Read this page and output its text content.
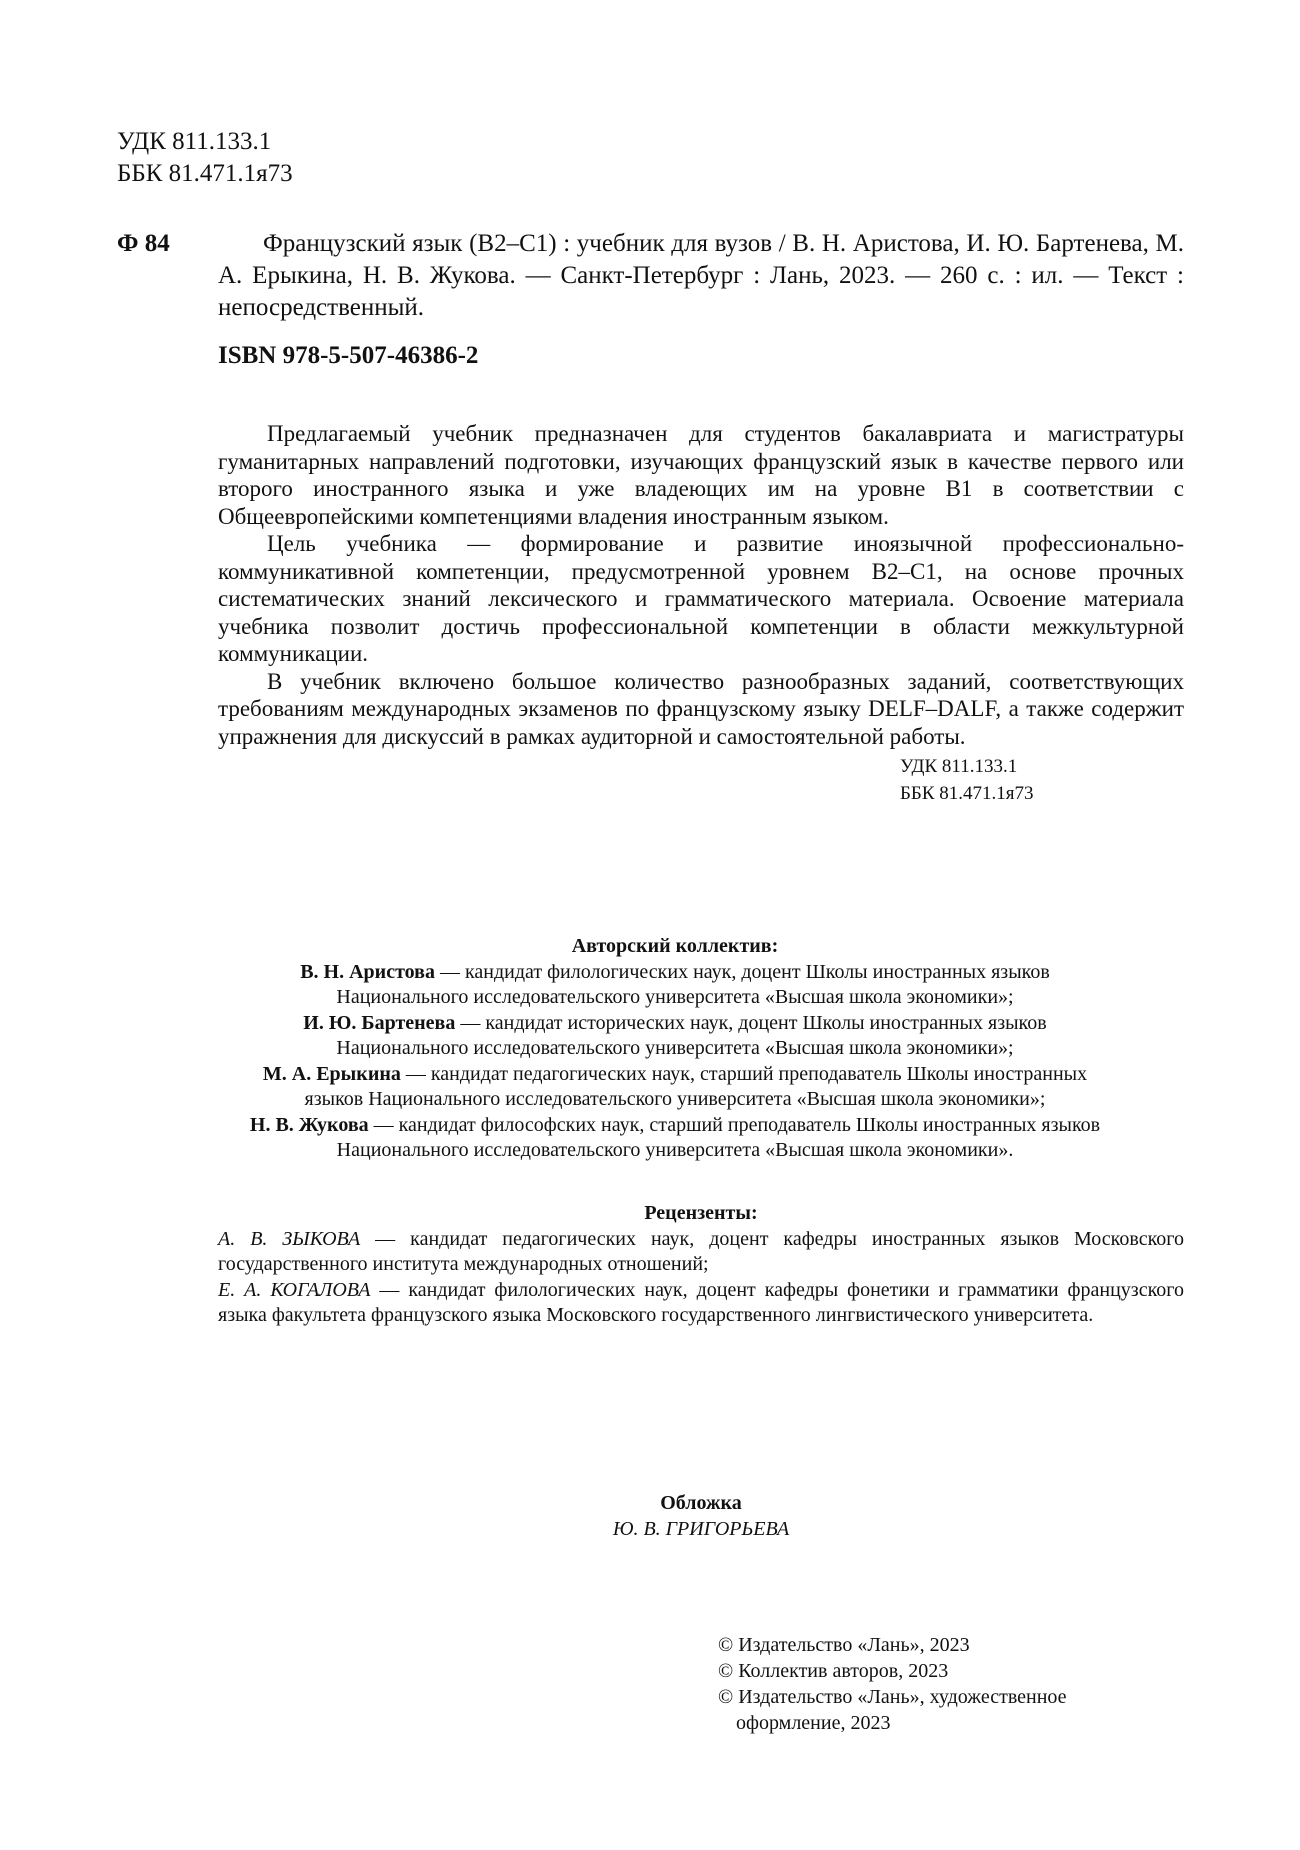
УДК 811.133.1
ББК 81.471.1я73
Ф 84	Французский язык (B2–C1) : учебник для вузов / В. Н. Аристова, И. Ю. Бартенева, М. А. Ерыкина, Н. В. Жукова. — Санкт-Петербург : Лань, 2023. — 260 с. : ил. — Текст : непосредственный.
ISBN 978-5-507-46386-2

Предлагаемый учебник предназначен для студентов бакалавриата и магистратуры гуманитарных направлений подготовки, изучающих французский язык в качестве первого или второго иностранного языка и уже владеющих им на уровне B1 в соответствии с Общеевропейскими компетенциями владения иностранным языком.

Цель учебника — формирование и развитие иноязычной профессионально-коммуникативной компетенции, предусмотренной уровнем B2–C1, на основе прочных систематических знаний лексического и грамматического материала. Освоение материала учебника позволит достичь профессиональной компетенции в области межкультурной коммуникации.

В учебник включено большое количество разнообразных заданий, соответствующих требованиям международных экзаменов по французскому языку DELF–DALF, а также содержит упражнения для дискуссий в рамках аудиторной и самостоятельной работы.

УДК 811.133.1
ББК 81.471.1я73
Авторский коллектив:
В. Н. Аристова — кандидат филологических наук, доцент Школы иностранных языков
Национального исследовательского университета «Высшая школа экономики»;
И. Ю. Бартенева — кандидат исторических наук, доцент Школы иностранных языков
Национального исследовательского университета «Высшая школа экономики»;
М. А. Ерыкина — кандидат педагогических наук, старший преподаватель Школы иностранных
языков Национального исследовательского университета «Высшая школа экономики»;
Н. В. Жукова — кандидат философских наук, старший преподаватель Школы иностранных языков
Национального исследовательского университета «Высшая школа экономики».
Рецензенты:

А. В. ЗЫКОВА — кандидат педагогических наук, доцент кафедры иностранных языков Московского государственного института международных отношений;

Е. А. КОГАЛОВА — кандидат филологических наук, доцент кафедры фонетики и грамматики французского языка факультета французского языка Московского государственного лингвистического университета.

Обложка
Ю. В. ГРИГОРЬЕВА
© Издательство «Лань», 2023
© Коллектив авторов, 2023
© Издательство «Лань», художественное
оформление, 2023
